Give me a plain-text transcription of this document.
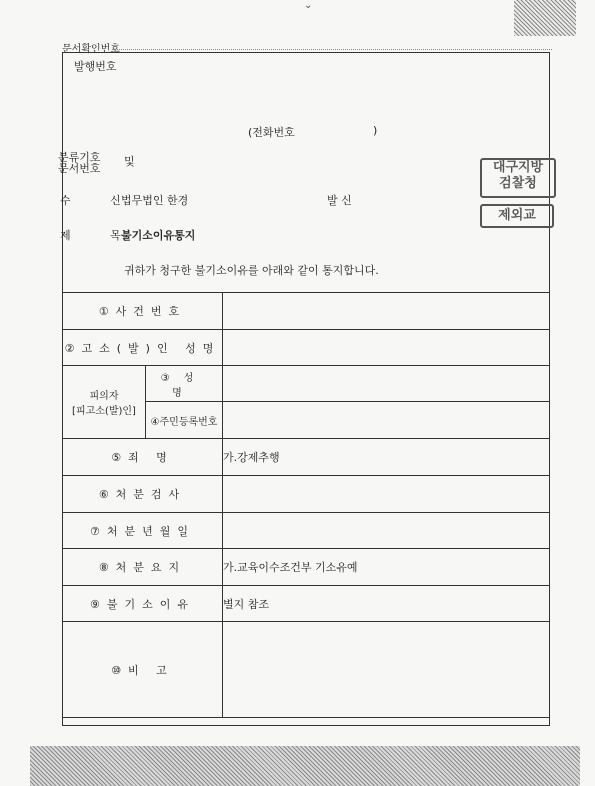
⌄
문서확인번호
발행번호
(전화번호	)
분류기호
문서번호
및
수 신
법무법인 한경	발 신
제 목
불기소이유통지
대구지방
검찰청
제외교
귀하가 청구한 불기소이유를 아래와 같이 통지합니다.
①사건번호		
②고소(발)인 성명		

피의자
[피고소(발)인]	③성 명	
	④주민등록번호	
⑤죄 명		가.강제추행
⑥처분검사		
⑦처분년월일		
⑧처분요지		가.교육이수조건부 기소유예
⑨불기소이유		별지 참조
⑩비 고		
